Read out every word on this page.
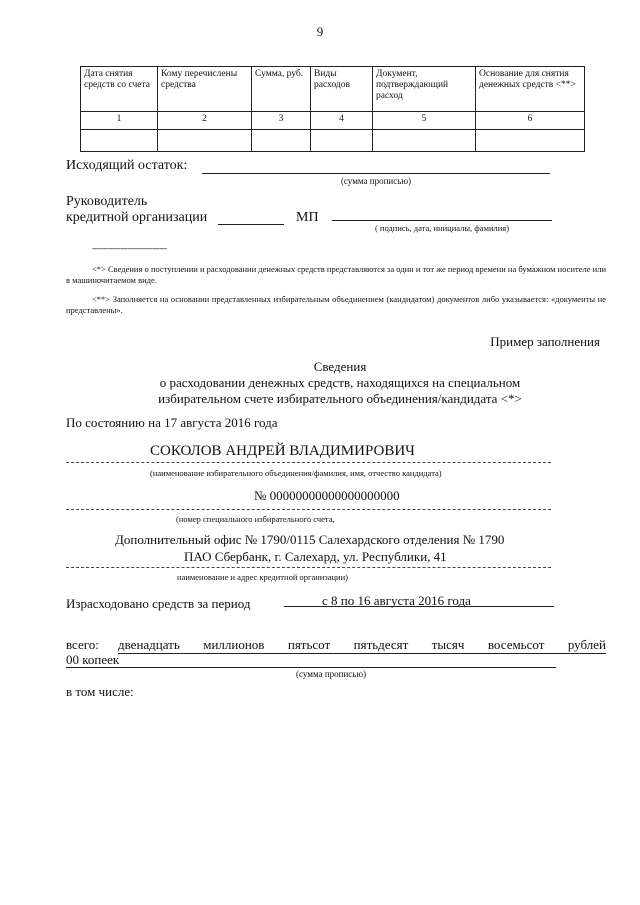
9
Дата снятия средств со счета	Кому перечислены средства	Сумма, руб.	Виды расходов	Документ, подтверждающий расход	Основание для снятия денежных средств <**>
1	2	3	4	5	6

Исходящий остаток:
(сумма прописью)
Руководитель
кредитной организации	МП
( подпись, дата, инициалы, фамилия)
--------------------------------
<*> Сведения о поступлении и расходовании денежных средств представляются за один и тот же период времени на бумажном носителе или в машиночитаемом виде.
<**> Заполняется на основании представленных избирательным объединением (кандидатом) документов либо указывается: «документы не представлены».
Пример заполнения
Сведения
о расходовании денежных средств, находящихся на специальном
избирательном счете избирательного объединения/кандидата <*>
По состоянию на 17 августа 2016 года
СОКОЛОВ АНДРЕЙ ВЛАДИМИРОВИЧ
(наименование избирательного объединения/фамилия, имя, отчество кандидата)
№ 00000000000000000000
(номер специального избирательного счета,
Дополнительный офис № 1790/0115 Салехардского отделения № 1790
ПАО Сбербанк, г. Салехард, ул. Республики, 41
наименование и адрес кредитной организации)
Израсходовано средств за период	с 8 по 16 августа 2016 года
всего: двенадцать миллионов пятьсот пятьдесят тысяч восемьсот рублей
00 копеек
(сумма прописью)
в том числе:
